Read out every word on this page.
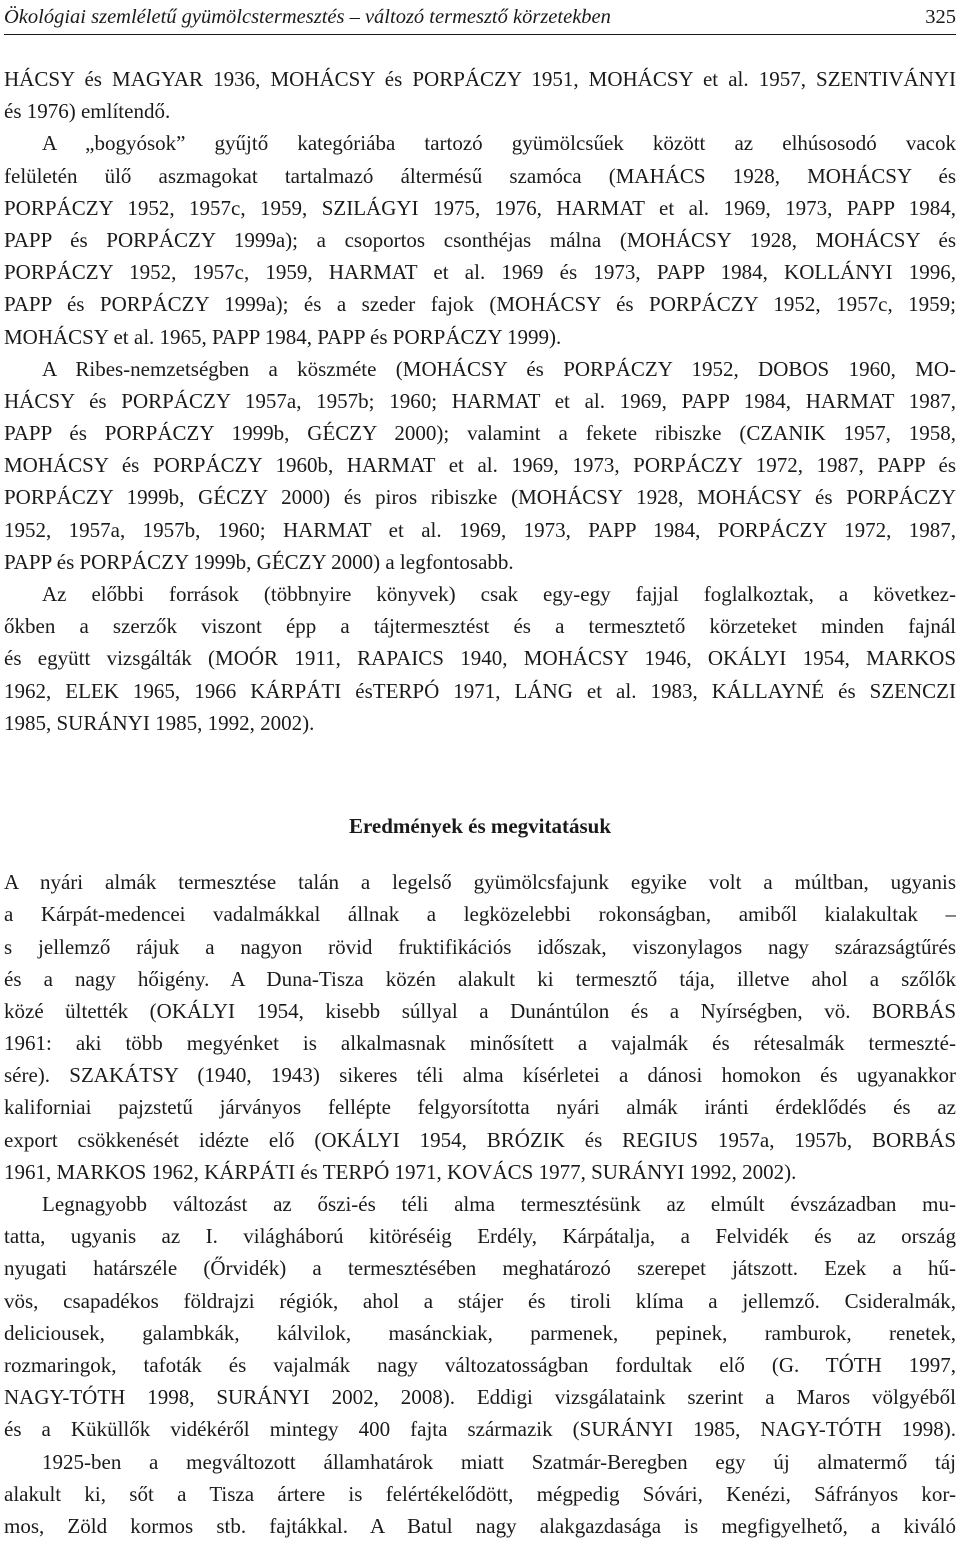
Ökológiai szemléletű gyümölcstermesztés – változó termesztő körzetekben	325
HÁCSY és MAGYAR 1936, MOHÁCSY és PORPÁCZY 1951, MOHÁCSY et al. 1957, SZENTIVÁNYI
és 1976) említendő.
A „bogyósok” gyűjtő kategóriába tartozó gyümölcsűek között az elhúsosodó vacok
felületén ülő aszmagokat tartalmazó áltermésű szamóca (MAHÁCS 1928, MOHÁCSY és
PORPÁCZY 1952, 1957c, 1959, SZILÁGYI 1975, 1976, HARMAT et al. 1969, 1973, PAPP 1984,
PAPP és PORPÁCZY 1999a); a csoportos csonthéjas málna (MOHÁCSY 1928, MOHÁCSY és
PORPÁCZY 1952, 1957c, 1959, HARMAT et al. 1969 és 1973, PAPP 1984, KOLLÁNYI 1996,
PAPP és PORPÁCZY 1999a); és a szeder fajok (MOHÁCSY és PORPÁCZY 1952, 1957c, 1959;
MOHÁCSY et al. 1965, PAPP 1984, PAPP és PORPÁCZY 1999).
A Ribes-nemzetségben a köszméte (MOHÁCSY és PORPÁCZY 1952, DOBOS 1960, MO-
HÁCSY és PORPÁCZY 1957a, 1957b; 1960; HARMAT et al. 1969, PAPP 1984, HARMAT 1987,
PAPP és PORPÁCZY 1999b, GÉCZY 2000); valamint a fekete ribiszke (CZANIK 1957, 1958,
MOHÁCSY és PORPÁCZY 1960b, HARMAT et al. 1969, 1973, PORPÁCZY 1972, 1987, PAPP és
PORPÁCZY 1999b, GÉCZY 2000) és piros ribiszke (MOHÁCSY 1928, MOHÁCSY és PORPÁCZY
1952, 1957a, 1957b, 1960; HARMAT et al. 1969, 1973, PAPP 1984, PORPÁCZY 1972, 1987,
PAPP és PORPÁCZY 1999b, GÉCZY 2000) a legfontosabb.
Az előbbi források (többnyire könyvek) csak egy-egy fajjal foglalkoztak, a következ-
őkben a szerzők viszont épp a tájtermesztést és a termesztető körzeteket minden fajnál
és együtt vizsgálták (MOÓR 1911, RAPAICS 1940, MOHÁCSY 1946, OKÁLYI 1954, MARKOS
1962, ELEK 1965, 1966 KÁRPÁTI ésTERPÓ 1971, LÁNG et al. 1983, KÁLLAYNÉ és SZENCZI
1985, SURÁNYI 1985, 1992, 2002).
Eredmények és megvitatásuk
A nyári almák termesztése talán a legelső gyümölcsfajunk egyike volt a múltban, ugyanis
a Kárpát-medencei vadalmákkal állnak a legközelebbi rokonságban, amiből kialakultak –
s jellemző rájuk a nagyon rövid fruktifikációs időszak, viszonylagos nagy szárazságtűrés
és a nagy hőigény. A Duna-Tisza közén alakult ki termesztő tája, illetve ahol a szőlők
közé ültették (OKÁLYI 1954, kisebb súllyal a Dunántúlon és a Nyírségben, vö. BORBÁS
1961: aki több megyénket is alkalmasnak minősített a vajalmák és rétesalmák termeszté-
sére). SZAKÁTSY (1940, 1943) sikeres téli alma kísérletei a dánosi homokon és ugyanakkor
kaliforniai pajzstetű járványos fellépte felgyorsította nyári almák iránti érdeklődés és az
export csökkenését idézte elő (OKÁLYI 1954, BRÓZIK és REGIUS 1957a, 1957b, BORBÁS
1961, MARKOS 1962, KÁRPÁTI és TERPÓ 1971, KOVÁCS 1977, SURÁNYI 1992, 2002).
Legnagyobb változást az őszi-és téli alma termesztésünk az elmúlt évszázadban mu-
tatta, ugyanis az I. világháború kitöréséig Erdély, Kárpátalja, a Felvidék és az ország
nyugati határszéle (Őrvidék) a termesztésében meghatározó szerepet játszott. Ezek a hű-
vös, csapadékos földrajzi régiók, ahol a stájer és tiroli klíma a jellemző. Csideralmák,
deliciousek, galambkák, kálvilok, masánckiak, parmenek, pepinek, ramburok, renetek,
rozmaringok, tafoták és vajalmák nagy változatosságban fordultak elő (G. TÓTH 1997,
NAGY-TÓTH 1998, SURÁNYI 2002, 2008). Eddigi vizsgálataink szerint a Maros völgyéből
és a Küküllők vidékéről mintegy 400 fajta származik (SURÁNYI 1985, NAGY-TÓTH 1998).
1925-ben a megváltozott államhatárok miatt Szatmár-Beregben egy új almatermő táj
alakult ki, sőt a Tisza ártere is felértékelődött, mégpedig Sóvári, Kenézi, Sáfrányos kor-
mos, Zöld kormos stb. fajtákkal. A Batul nagy alakgazdasága is megfigyelhető, a kiváló
